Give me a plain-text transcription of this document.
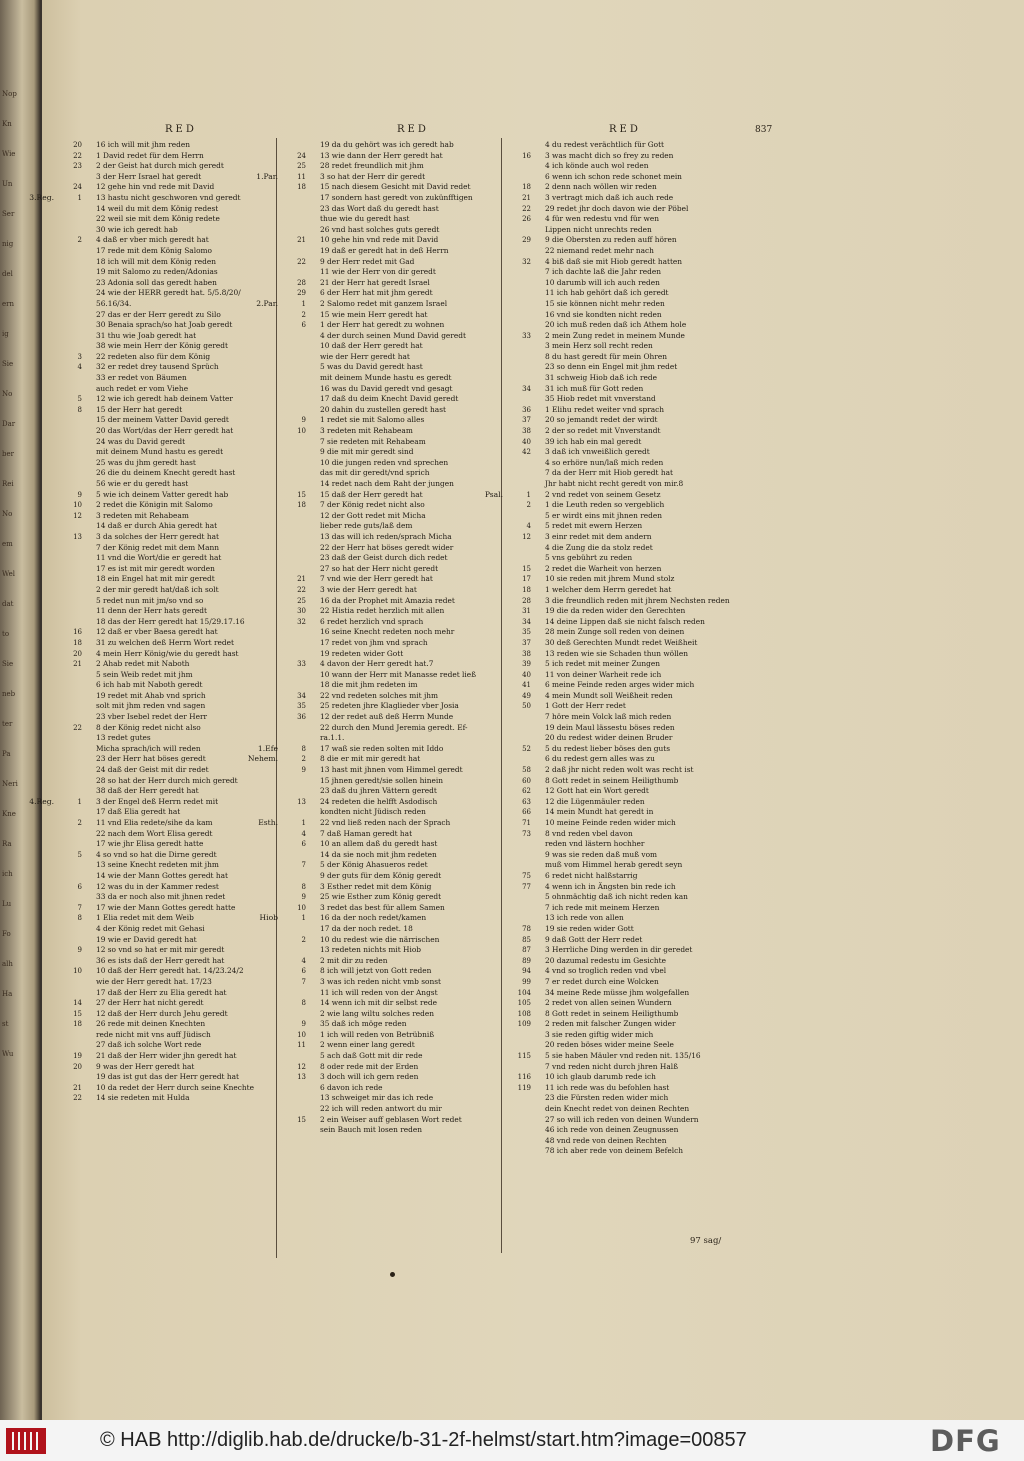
Nop
Kn
Wie
Un
Ser
nig
del
ern
ig
Sie
No
Dar
ber
Rei
No
em
Wel
dat
to
Sie
neb
ter
Pa
Neri
Kne
Ra
ich
Lu
Fo
alh
Ha
st
Wu
RED	RED	RED	837
20 16 ich will mit jhm reden
22 1 David redet für dem Herrn
23 2 der Geist hat durch mich geredt
3 der Herr Israel hat geredt
24 12 gehe hin vnd rede mit David
3.Reg.	1 13 hastu nicht geschworen vnd geredt
14 weil du mit dem König redest
22 weil sie mit dem König redete
30 wie ich geredt hab
2 4 daß er vber mich geredt hat
17 rede mit dem König Salomo
18 ich will mit dem König reden
19 mit Salomo zu reden/Adonias
23 Adonia soll das geredt haben
24 wie der HERR geredt hat. 5/5.8/20/
56.16/34.
27 das er der Herr geredt zu Silo
30 Benaia sprach/so hat Joab geredt
31 thu wie Joab geredt hat
38 wie mein Herr der König geredt
3 22 redeten also für dem König
4 32 er redet drey tausend Sprüch
33 er redet von Bäumen
auch redet er vom Viehe
5 12 wie ich geredt hab deinem Vatter
8 15 der Herr hat geredt
15 der meinem Vatter David geredt
20 das Wort/das der Herr geredt hat
24 was du David geredt
mit deinem Mund hastu es geredt
25 was du jhm geredt hast
26 die du deinem Knecht geredt hast
56 wie er du geredt hast
9 5 wie ich deinem Vatter geredt hab
10 2 redet die Königin mit Salomo
12 3 redeten mit Rehabeam
14 daß er durch Ahia geredt hat
13 3 da solches der Herr geredt hat
7 der König redet mit dem Mann
11 vnd die Wort/die er geredt hat
17 es ist mit mir geredt worden
18 ein Engel hat mit mir geredt
2 der mir geredt hat/daß ich solt
5 redet nun mit jm/so vnd so
11 denn der Herr hats geredt
18 das der Herr geredt hat 15/29.17.16
16 12 daß er vber Baesa geredt hat
18 31 zu welchen deß Herrn Wort redet
20 4 mein Herr König/wie du geredt hast
21 2 Ahab redet mit Naboth
5 sein Weib redet mit jhm
6 ich hab mit Naboth geredt
19 redet mit Ahab vnd sprich
solt mit jhm reden vnd sagen
23 vber Isebel redet der Herr
22 8 der König redet nicht also
13 redet gutes
Micha sprach/ich will reden
23 der Herr hat böses geredt
24 daß der Geist mit dir redet
28 so hat der Herr durch mich geredt
38 daß der Herr geredt hat
4.Reg.	1 3 der Engel deß Herrn redet mit
17 daß Elia geredt hat
2 11 vnd Elia redete/sihe da kam
22 nach dem Wort Elisa geredt
17 wie jhr Elisa geredt hatte
5 4 so vnd so hat die Dirne geredt
13 seine Knecht redeten mit jhm
14 wie der Mann Gottes geredt hat
6 12 was du in der Kammer redest
33 da er noch also mit jhnen redet
7 17 wie der Mann Gottes geredt hatte
8 1 Elia redet mit dem Weib
4 der König redet mit Gehasi
19 wie er David geredt hat
9 12 so vnd so hat er mit mir geredt
36 es ists daß der Herr geredt hat
10 10 daß der Herr geredt hat. 14/23.24/2
wie der Herr geredt hat. 17/23
17 daß der Herr zu Elia geredt hat
14 27 der Herr hat nicht geredt
15 12 daß der Herr durch Jehu geredt
18 26 rede mit deinen Knechten
rede nicht mit vns auff Jüdisch
27 daß ich solche Wort rede
19 21 daß der Herr wider jhn geredt hat
20 9 was der Herr geredt hat
19 das ist gut das der Herr geredt hat
21 10 da redet der Herr durch seine Knechte
22 14 sie redeten mit Hulda
19 da du gehört was ich geredt hab
24 13 wie dann der Herr geredt hat
25 28 redet freundlich mit jhm
1.Par.	11 3 so hat der Herr dir geredt
18 15 nach diesem Gesicht mit David redet
17 sondern hast geredt von zukünfftigen
23 das Wort daß du geredt hast
thue wie du geredt hast
26 vnd hast solches guts geredt
21 10 gehe hin vnd rede mit David
19 daß er geredt hat in deß Herrn
22 9 der Herr redet mit Gad
11 wie der Herr von dir geredt
28 21 der Herr hat geredt Israel
29 6 der Herr hat mit jhm geredt
2.Par.	1 2 Salomo redet mit ganzem Israel
2 15 wie mein Herr geredt hat
6 1 der Herr hat geredt zu wohnen
4 der durch seinen Mund David geredt
10 daß der Herr geredt hat
wie der Herr geredt hat
5 was du David geredt hast
mit deinem Munde hastu es geredt
16 was du David geredt vnd gesagt
17 daß du deim Knecht David geredt
20 dahin du zustellen geredt hast
9 1 redet sie mit Salomo alles
10 3 redeten mit Rehabeam
7 sie redeten mit Rehabeam
9 die mit mir geredt sind
10 die jungen reden vnd sprechen
das mit dir geredt/vnd sprich
14 redet nach dem Raht der jungen
15 15 daß der Herr geredt hat
18 7 der König redet nicht also
12 der Gott redet mit Micha
lieber rede guts/laß dem
13 das will ich reden/sprach Micha
22 der Herr hat böses geredt wider
23 daß der Geist durch dich redet
27 so hat der Herr nicht geredt
21 7 vnd wie der Herr geredt hat
22 3 wie der Herr geredt hat
25 16 da der Prophet mit Amazia redet
30 22 Histia redet herzlich mit allen
32 6 redet herzlich vnd sprach
16 seine Knecht redeten noch mehr
17 redet von jhm vnd sprach
19 redeten wider Gott
33 4 davon der Herr geredt hat.7
10 wann der Herr mit Manasse redet ließ
18 die mit jhm redeten im
34 22 vnd redeten solches mit jhm
35 25 redeten jhre Klaglieder vber Josia
36 12 der redet auß deß Herrn Munde
22 durch den Mund Jeremia geredt. Ef-
ra.1.1.
1.Efe	8 17 waß sie reden solten mit Iddo
Nehem.	2 8 die er mit mir geredt hat
9 13 hast mit jhnen vom Himmel geredt
15 jhnen geredt/sie sollen hinein
23 daß du jhren Vättern geredt
13 24 redeten die helfft Asdodisch
kondten nicht Jüdisch reden
Esth.	1 22 vnd ließ reden nach der Sprach
4 7 daß Haman geredt hat
6 10 an allem daß du geredt hast
14 da sie noch mit jhm redeten
7 5 der König Ahasueros redet
9 der guts für dem König geredt
8 3 Esther redet mit dem König
9 25 wie Esther zum König geredt
10 3 redet das best für allem Samen
Hiob	1 16 da der noch redet/kamen
17 da der noch redet. 18
2 10 du redest wie die närrischen
13 redeten nichts mit Hiob
4 2 mit dir zu reden
6 8 ich will jetzt von Gott reden
7 3 was ich reden nicht vmb sonst
11 ich will reden von der Angst
8 14 wenn ich mit dir selbst rede
2 wie lang wiltu solches reden
9 35 daß ich möge reden
10 1 ich will reden von Betrübniß
11 2 wenn einer lang geredt
5 ach daß Gott mit dir rede
12 8 oder rede mit der Erden
13 3 doch will ich gern reden
6 davon ich rede
13 schweiget mir das ich rede
22 ich will reden antwort du mir
15 2 ein Weiser auff geblasen Wort redet
sein Bauch mit losen reden
4 du redest verächtlich für Gott
16 3 was macht dich so frey zu reden
4 ich könde auch wol reden
6 wenn ich schon rede schonet mein
18 2 denn nach wöllen wir reden
21 3 vertragt mich daß ich auch rede
22 29 redet jhr doch davon wie der Pöbel
26 4 für wen redestu vnd für wen
Lippen nicht unrechts reden
29 9 die Obersten zu reden auff hören
22 niemand redet mehr nach
32 4 biß daß sie mit Hiob geredt hatten
7 ich dachte laß die Jahr reden
10 darumb will ich auch reden
11 ich hab gehört daß ich geredt
15 sie können nicht mehr reden
16 vnd sie kondten nicht reden
20 ich muß reden daß ich Athem hole
33 2 mein Zung redet in meinem Munde
3 mein Herz soll recht reden
8 du hast geredt für mein Ohren
23 so denn ein Engel mit jhm redet
31 schweig Hiob daß ich rede
34 31 ich muß für Gott reden
35 Hiob redet mit vnverstand
36 1 Elihu redet weiter vnd sprach
37 20 so jemandt redet der wirdt
38 2 der so redet mit Vnverstandt
40 39 ich hab ein mal geredt
42 3 daß ich vnweißlich geredt
4 so erhöre nun/laß mich reden
7 da der Herr mit Hiob geredt hat
Jhr habt nicht recht geredt von mir.8
Psal.	1 2 vnd redet von seinem Gesetz
2 1 die Leuth reden so vergeblich
5 er wirdt eins mit jhnen reden
4 5 redet mit ewern Herzen
12 3 einr redet mit dem andern
4 die Zung die da stolz redet
5 vns gebührt zu reden
15 2 redet die Warheit von herzen
17 10 sie reden mit jhrem Mund stolz
18 1 welcher dem Herrn geredet hat
28 3 die freundlich reden mit jhrem Nechsten reden
31 19 die da reden wider den Gerechten
34 14 deine Lippen daß sie nicht falsch reden
35 28 mein Zunge soll reden von deinen
37 30 deß Gerechten Mundt redet Weißheit
38 13 reden wie sie Schaden thun wöllen
39 5 ich redet mit meiner Zungen
40 11 von deiner Warheit rede ich
41 6 meine Feinde reden arges wider mich
49 4 mein Mundt soll Weißheit reden
50 1 Gott der Herr redet
7 höre mein Volck laß mich reden
19 dein Maul lässestu böses reden
20 du redest wider deinen Bruder
52 5 du redest lieber böses den guts
6 du redest gern alles was zu
58 2 daß jhr nicht reden wolt was recht ist
60 8 Gott redet in seinem Heiligthumb
62 12 Gott hat ein Wort geredt
63 12 die Lügenmäuler reden
66 14 mein Mundt hat geredt in
71 10 meine Feinde reden wider mich
73 8 vnd reden vbel davon
reden vnd lästern hochher
9 was sie reden daß muß vom
muß vom Himmel herab geredt seyn
75 6 redet nicht halßstarrig
77 4 wenn ich in Ängsten bin rede ich
5 ohnmächtig daß ich nicht reden kan
7 ich rede mit meinem Herzen
13 ich rede von allen
78 19 sie reden wider Gott
85 9 daß Gott der Herr redet
87 3 Herrliche Ding werden in dir geredet
89 20 dazumal redestu im Gesichte
94 4 vnd so troglich reden vnd vbel
99 7 er redet durch eine Wolcken
104 34 meine Rede müsse jhm wolgefallen
105 2 redet von allen seinen Wundern
108 8 Gott redet in seinem Heiligthumb
109 2 reden mit falscher Zungen wider
3 sie reden giftig wider mich
20 reden böses wider meine Seele
115 5 sie haben Mäuler vnd reden nit. 135/16
7 vnd reden nicht durch jhren Halß
116 10 ich glaub darumb rede ich
119 11 ich rede was du befohlen hast
23 die Fürsten reden wider mich
dein Knecht redet von deinen Rechten
27 so will ich reden von deinen Wundern
46 ich rede von deinen Zeugnussen
48 vnd rede von deinen Rechten
78 ich aber rede von deinem Befelch
97 sag/
© HAB http://diglib.hab.de/drucke/b-31-2f-helmst/start.htm?image=00857	DFG
